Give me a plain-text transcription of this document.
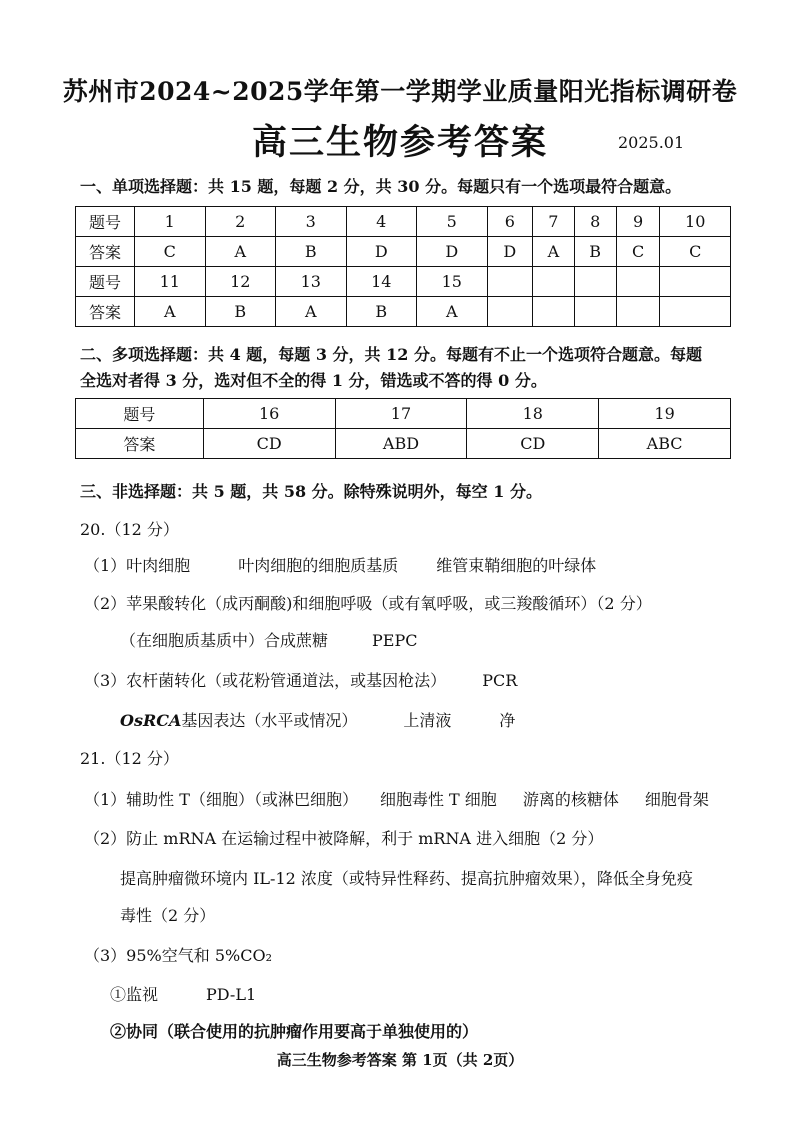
苏州市2024~2025学年第一学期学业质量阳光指标调研卷
高三生物参考答案	2025.01
一、单项选择题：共 15 题，每题 2 分，共 30 分。每题只有一个选项最符合题意。
题号	1	2	3	4	5	6	7	8	9	10
答案	C	A	B	D	D	D	A	B	C	C
题号	11	12	13	14	15					
答案	A	B	A	B	A					
二、多项选择题：共 4 题，每题 3 分，共 12 分。每题有不止一个选项符合题意。每题
全选对者得 3 分，选对但不全的得 1 分，错选或不答的得 0 分。
题号	16	17	18	19
答案	CD	ABD	CD	ABC
三、非选择题：共 5 题，共 58 分。除特殊说明外，每空 1 分。
20.（12 分）
（1）叶肉细胞	叶肉细胞的细胞质基质 维管束鞘细胞的叶绿体
（2）苹果酸转化（成丙酮酸)和细胞呼吸（或有氧呼吸，或三羧酸循环）（2 分）
（在细胞质基质中）合成蔗糖	PEPC
（3）农杆菌转化（或花粉管通道法，或基因枪法） PCR
OsRCA基因表达（水平或情况）	上清液	净
21.（12 分）
（1）辅助性 T（细胞）（或淋巴细胞） 细胞毒性 T 细胞 游离的核糖体 细胞骨架
（2）防止 mRNA 在运输过程中被降解，利于 mRNA 进入细胞（2 分）
提高肿瘤微环境内 IL-12 浓度（或特异性释药、提高抗肿瘤效果），降低全身免疫
毒性（2 分）
（3）95%空气和 5%CO₂
①监视	PD-L1
②协同（联合使用的抗肿瘤作用要高于单独使用的）
高三生物参考答案 第 1页（共 2页）
